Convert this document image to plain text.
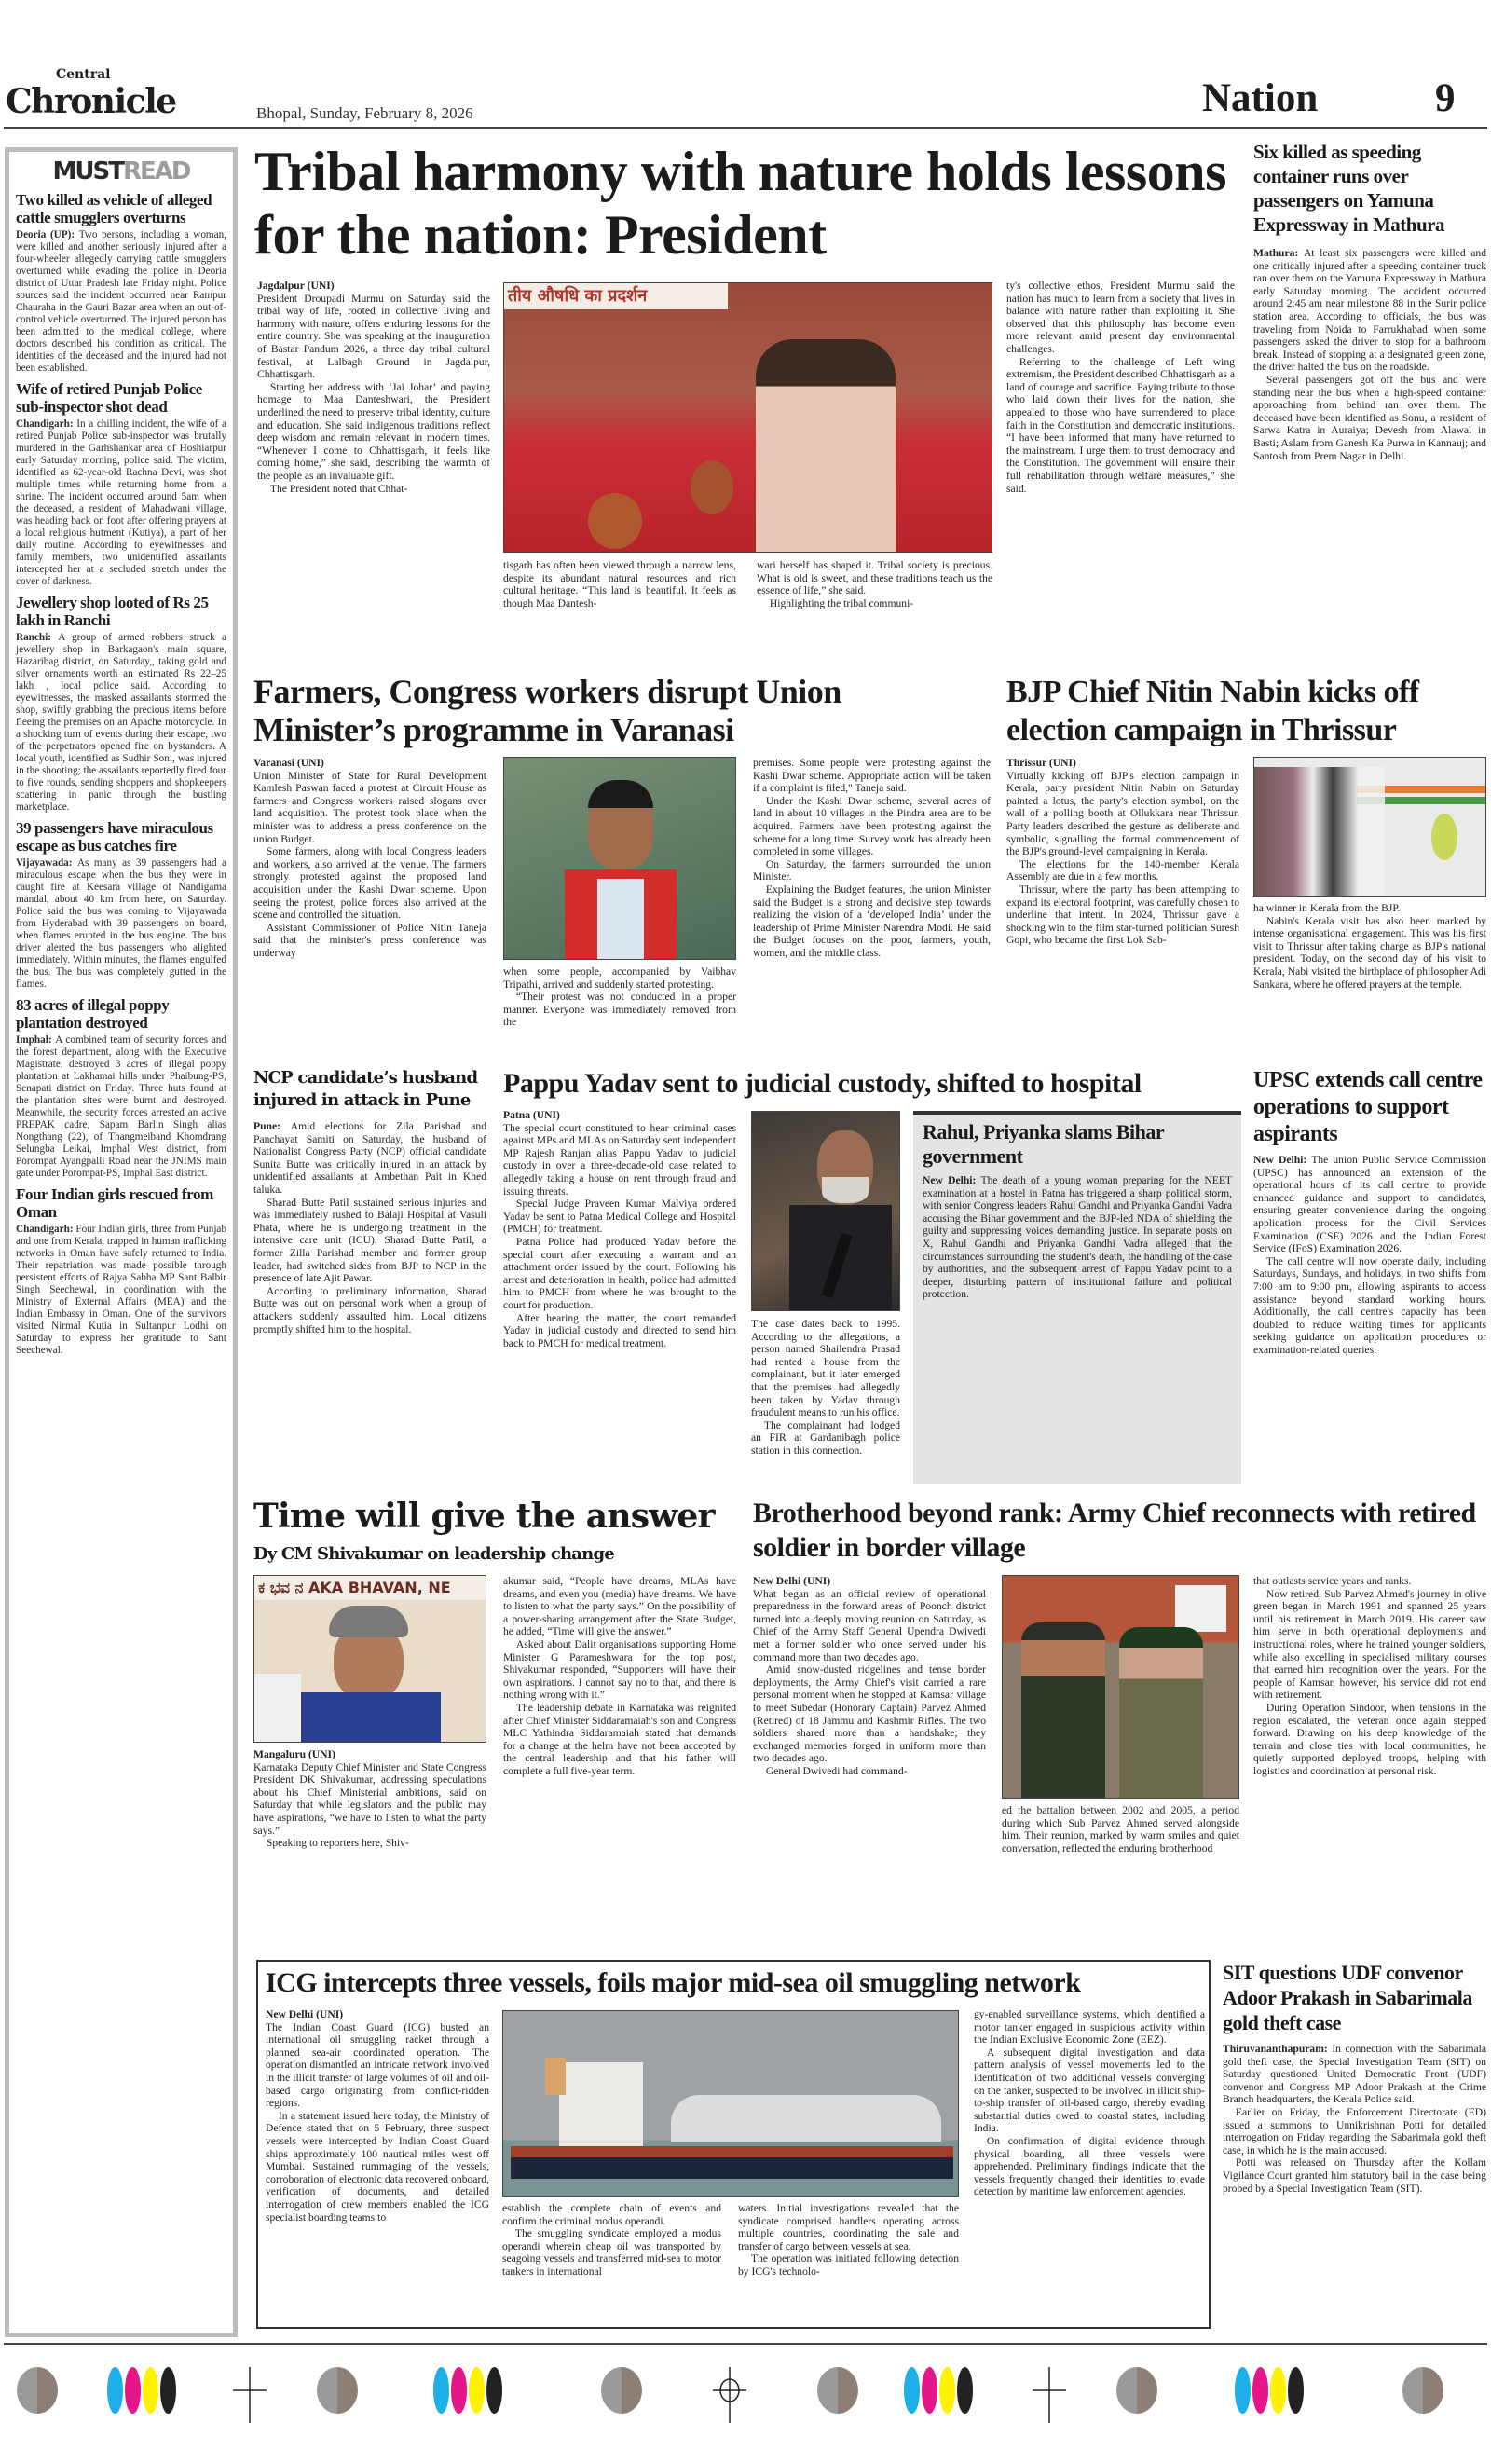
Central
Chronicle	Bhopal, Sunday, February 8, 2026	Nation	9
MUSTREAD
Two killed as vehicle of alleged cattle smugglers overturns
Deoria (UP): Two persons, including a woman, were killed and another seriously injured after a four-wheeler allegedly carrying cattle smugglers overturned while evading the police in Deoria district of Uttar Pradesh late Friday night. Police sources said the incident occurred near Rampur Chauraha in the Gauri Bazar area when an out-of-control vehicle overturned. The injured person has been admitted to the medical college, where doctors described his condition as critical. The identities of the deceased and the injured had not been established.
Wife of retired Punjab Police sub-inspector shot dead
Chandigarh: In a chilling incident, the wife of a retired Punjab Police sub-inspector was brutally murdered in the Garhshankar area of Hoshiarpur early Saturday morning, police said. The victim, identified as 62-year-old Rachna Devi, was shot multiple times while returning home from a shrine. The incident occurred around 5am when the deceased, a resident of Mahadwani village, was heading back on foot after offering prayers at a local religious hutment (Kutiya), a part of her daily routine. According to eyewitnesses and family members, two unidentified assailants intercepted her at a secluded stretch under the cover of darkness.
Jewellery shop looted of Rs 25 lakh in Ranchi
Ranchi: A group of armed robbers struck a jewellery shop in Barkagaon's main square, Hazaribag district, on Saturday,, taking gold and silver ornaments worth an estimated Rs 22–25 lakh , local police said. According to eyewitnesses, the masked assailants stormed the shop, swiftly grabbing the precious items before fleeing the premises on an Apache motorcycle. In a shocking turn of events during their escape, two of the perpetrators opened fire on bystanders. A local youth, identified as Sudhir Soni, was injured in the shooting; the assailants reportedly fired four to five rounds, sending shoppers and shopkeepers scattering in panic through the bustling marketplace.
39 passengers have miraculous escape as bus catches fire
Vijayawada: As many as 39 passengers had a miraculous escape when the bus they were in caught fire at Keesara village of Nandigama mandal, about 40 km from here, on Saturday. Police said the bus was coming to Vijayawada from Hyderabad with 39 passengers on board, when flames erupted in the bus engine. The bus driver alerted the bus passengers who alighted immediately. Within minutes, the flames engulfed the bus. The bus was completely gutted in the flames.
83 acres of illegal poppy plantation destroyed
Imphal: A combined team of security forces and the forest department, along with the Executive Magistrate, destroyed 3 acres of illegal poppy plantation at Lakhamai hills under Phaibung-PS, Senapati district on Friday. Three huts found at the plantation sites were burnt and destroyed. Meanwhile, the security forces arrested an active PREPAK cadre, Sapam Barlin Singh alias Nongthang (22), of Thangmeiband Khomdrang Selungba Leikai, Imphal West district, from Porompat Ayangpalli Road near the JNIMS main gate under Porompat-PS, Imphal East district.
Four Indian girls rescued from Oman
Chandigarh: Four Indian girls, three from Punjab and one from Kerala, trapped in human trafficking networks in Oman have safely returned to India. Their repatriation was made possible through persistent efforts of Rajya Sabha MP Sant Balbir Singh Seechewal, in coordination with the Ministry of External Affairs (MEA) and the Indian Embassy in Oman. One of the survivors visited Nirmal Kutia in Sultanpur Lodhi on Saturday to express her gratitude to Sant Seechewal.
Tribal harmony with nature holds lessons for the nation: President
Jagdalpur (UNI)

President Droupadi Murmu on Saturday said the tribal way of life, rooted in collective living and harmony with nature, offers enduring lessons for the entire country. She was speaking at the inauguration of Bastar Pandum 2026, a three day tribal cultural festival, at Lalbagh Ground in Jagdalpur, Chhattisgarh.

Starting her address with ‘Jai Johar’ and paying homage to Maa Danteshwari, the President underlined the need to preserve tribal identity, culture and education. She said indigenous traditions reflect deep wisdom and remain relevant in modern times. “Whenever I come to Chhattisgarh, it feels like coming home,” she said, describing the warmth of the people as an invaluable gift.

The President noted that Chhat-

तीय औषधि का प्रदर्शन

tisgarh has often been viewed through a narrow lens, despite its abundant natural resources and rich cultural heritage. “This land is beautiful. It feels as though Maa Dantesh-

wari herself has shaped it. Tribal society is precious. What is old is sweet, and these traditions teach us the essence of life,” she said.

Highlighting the tribal communi-

ty's collective ethos, President Murmu said the nation has much to learn from a society that lives in balance with nature rather than exploiting it. She observed that this philosophy has become even more relevant amid present day environmental challenges.

Referring to the challenge of Left wing extremism, the President described Chhattisgarh as a land of courage and sacrifice. Paying tribute to those who laid down their lives for the nation, she appealed to those who have surrendered to place faith in the Constitution and democratic institutions. “I have been informed that many have returned to the mainstream. I urge them to trust democracy and the Constitution. The government will ensure their full rehabilitation through welfare measures,” she said.

Six killed as speeding container runs over passengers on Yamuna Expressway in Mathura

Mathura: At least six passengers were killed and one critically injured after a speeding container truck ran over them on the Yamuna Expressway in Mathura early Saturday morning. The accident occurred around 2:45 am near milestone 88 in the Surir police station area. According to officials, the bus was traveling from Noida to Farrukhabad when some passengers asked the driver to stop for a bathroom break. Instead of stopping at a designated green zone, the driver halted the bus on the roadside.

Several passengers got off the bus and were standing near the bus when a high-speed container approaching from behind ran over them. The deceased have been identified as Sonu, a resident of Sarwa Katra in Auraiya; Devesh from Alawal in Basti; Aslam from Ganesh Ka Purwa in Kannauj; and Santosh from Prem Nagar in Delhi.

Farmers, Congress workers disrupt Union Minister’s programme in Varanasi
Varanasi (UNI)

Union Minister of State for Rural Development Kamlesh Paswan faced a protest at Circuit House as farmers and Congress workers raised slogans over land acquisition. The protest took place when the minister was to address a press conference on the union Budget.

Some farmers, along with local Congress leaders and workers, also arrived at the venue. The farmers strongly protested against the proposed land acquisition under the Kashi Dwar scheme. Upon seeing the protest, police forces also arrived at the scene and controlled the situation.

Assistant Commissioner of Police Nitin Taneja said that the minister's press conference was underway

when some people, accompanied by Vaibhav Tripathi, arrived and suddenly started protesting.

“Their protest was not conducted in a proper manner. Everyone was immediately removed from the

premises. Some people were protesting against the Kashi Dwar scheme. Appropriate action will be taken if a complaint is filed," Taneja said.

Under the Kashi Dwar scheme, several acres of land in about 10 villages in the Pindra area are to be acquired. Farmers have been protesting against the scheme for a long time. Survey work has already been completed in some villages.

On Saturday, the farmers surrounded the union Minister.

Explaining the Budget features, the union Minister said the Budget is a strong and decisive step towards realizing the vision of a ‘developed India’ under the leadership of Prime Minister Narendra Modi. He said the Budget focuses on the poor, farmers, youth, women, and the middle class.

BJP Chief Nitin Nabin kicks off election campaign in Thrissur
Thrissur (UNI)

Virtually kicking off BJP's election campaign in Kerala, party president Nitin Nabin on Saturday painted a lotus, the party's election symbol, on the wall of a polling booth at Ollukkara near Thrissur. Party leaders described the gesture as deliberate and symbolic, signalling the formal commencement of the BJP's ground-level campaigning in Kerala.

The elections for the 140-member Kerala Assembly are due in a few months.

Thrissur, where the party has been attempting to expand its electoral footprint, was carefully chosen to underline that intent. In 2024, Thrissur gave a shocking win to the film star-turned politician Suresh Gopi, who became the first Lok Sab-

ha winner in Kerala from the BJP.

Nabin's Kerala visit has also been marked by intense organisational engagement. This was his first visit to Thrissur after taking charge as BJP's national president. Today, on the second day of his visit to Kerala, Nabi visited the birthplace of philosopher Adi Sankara, where he offered prayers at the temple.

NCP candidate’s husband injured in attack in Pune

Pune: Amid elections for Zila Parishad and Panchayat Samiti on Saturday, the husband of Nationalist Congress Party (NCP) official candidate Sunita Butte was critically injured in an attack by unidentified assailants at Ambethan Pait in Khed taluka.

Sharad Butte Patil sustained serious injuries and was immediately rushed to Balaji Hospital at Vasuli Phata, where he is undergoing treatment in the intensive care unit (ICU). Sharad Butte Patil, a former Zilla Parishad member and former group leader, had switched sides from BJP to NCP in the presence of late Ajit Pawar.

According to preliminary information, Sharad Butte was out on personal work when a group of attackers suddenly assaulted him. Local citizens promptly shifted him to the hospital.

Pappu Yadav sent to judicial custody, shifted to hospital
Patna (UNI)

The special court constituted to hear criminal cases against MPs and MLAs on Saturday sent independent MP Rajesh Ranjan alias Pappu Yadav to judicial custody in over a three-decade-old case related to allegedly taking a house on rent through fraud and issuing threats.

Special Judge Praveen Kumar Malviya ordered Yadav be sent to Patna Medical College and Hospital (PMCH) for treatment.

Patna Police had produced Yadav before the special court after executing a warrant and an attachment order issued by the court. Following his arrest and deterioration in health, police had admitted him to PMCH from where he was brought to the court for production.

After hearing the matter, the court remanded Yadav in judicial custody and directed to send him back to PMCH for medical treatment.

The case dates back to 1995. According to the allegations, a person named Shailendra Prasad had rented a house from the complainant, but it later emerged that the premises had allegedly been taken by Yadav through fraudulent means to run his office.

The complainant had lodged an FIR at Gardanibagh police station in this connection.

Rahul, Priyanka slams Bihar government

New Delhi: The death of a young woman preparing for the NEET examination at a hostel in Patna has triggered a sharp political storm, with senior Congress leaders Rahul Gandhi and Priyanka Gandhi Vadra accusing the Bihar government and the BJP-led NDA of shielding the guilty and suppressing voices demanding justice. In separate posts on X, Rahul Gandhi and Priyanka Gandhi Vadra alleged that the circumstances surrounding the student's death, the handling of the case by authorities, and the subsequent arrest of Pappu Yadav point to a deeper, disturbing pattern of institutional failure and political protection.

UPSC extends call centre operations to support aspirants

New Delhi: The union Public Service Commission (UPSC) has announced an extension of the operational hours of its call centre to provide enhanced guidance and support to candidates, ensuring greater convenience during the ongoing application process for the Civil Services Examination (CSE) 2026 and the Indian Forest Service (IFoS) Examination 2026.

The call centre will now operate daily, including Saturdays, Sundays, and holidays, in two shifts from 7:00 am to 9:00 pm, allowing aspirants to access assistance beyond standard working hours. Additionally, the call centre's capacity has been doubled to reduce waiting times for applicants seeking guidance on application procedures or examination-related queries.

Time will give the answer
Dy CM Shivakumar on leadership change
ಕ ಭವ ನ AKA BHAVAN, NE
Mangaluru (UNI)

Karnataka Deputy Chief Minister and State Congress President DK Shivakumar, addressing speculations about his Chief Ministerial ambitions, said on Saturday that while legislators and the public may have aspirations, “we have to listen to what the party says.”

Speaking to reporters here, Shiv-

akumar said, “People have dreams, MLAs have dreams, and even you (media) have dreams. We have to listen to what the party says.” On the possibility of a power-sharing arrangement after the State Budget, he added, “Time will give the answer.”

Asked about Dalit organisations supporting Home Minister G Parameshwara for the top post, Shivakumar responded, “Supporters will have their own aspirations. I cannot say no to that, and there is nothing wrong with it.”

The leadership debate in Karnataka was reignited after Chief Minister Siddaramaiah's son and Congress MLC Yathindra Siddaramaiah stated that demands for a change at the helm have not been accepted by the central leadership and that his father will complete a full five-year term.

Brotherhood beyond rank: Army Chief reconnects with retired soldier in border village
New Delhi (UNI)

What began as an official review of operational preparedness in the forward areas of Poonch district turned into a deeply moving reunion on Saturday, as Chief of the Army Staff General Upendra Dwivedi met a former soldier who once served under his command more than two decades ago.

Amid snow-dusted ridgelines and tense border deployments, the Army Chief's visit carried a rare personal moment when he stopped at Kamsar village to meet Subedar (Honorary Captain) Parvez Ahmed (Retired) of 18 Jammu and Kashmir Rifles. The two soldiers shared more than a handshake; they exchanged memories forged in uniform more than two decades ago.

General Dwivedi had command-

ed the battalion between 2002 and 2005, a period during which Sub Parvez Ahmed served alongside him. Their reunion, marked by warm smiles and quiet conversation, reflected the enduring brotherhood

that outlasts service years and ranks.

Now retired, Sub Parvez Ahmed's journey in olive green began in March 1991 and spanned 25 years until his retirement in March 2019. His career saw him serve in both operational deployments and instructional roles, where he trained younger soldiers, while also excelling in specialised military courses that earned him recognition over the years. For the people of Kamsar, however, his service did not end with retirement.

During Operation Sindoor, when tensions in the region escalated, the veteran once again stepped forward. Drawing on his deep knowledge of the terrain and close ties with local communities, he quietly supported deployed troops, helping with logistics and coordination at personal risk.

ICG intercepts three vessels, foils major mid-sea oil smuggling network
New Delhi (UNI)

The Indian Coast Guard (ICG) busted an international oil smuggling racket through a planned sea-air coordinated operation. The operation dismantled an intricate network involved in the illicit transfer of large volumes of oil and oil-based cargo originating from conflict-ridden regions.

In a statement issued here today, the Ministry of Defence stated that on 5 February, three suspect vessels were intercepted by Indian Coast Guard ships approximately 100 nautical miles west off Mumbai. Sustained rummaging of the vessels, corroboration of electronic data recovered onboard, verification of documents, and detailed interrogation of crew members enabled the ICG specialist boarding teams to

establish the complete chain of events and confirm the criminal modus operandi.

The smuggling syndicate employed a modus operandi wherein cheap oil was transported by seagoing vessels and transferred mid-sea to motor tankers in international

waters. Initial investigations revealed that the syndicate comprised handlers operating across multiple countries, coordinating the sale and transfer of cargo between vessels at sea.

The operation was initiated following detection by ICG's technolo-

gy-enabled surveillance systems, which identified a motor tanker engaged in suspicious activity within the Indian Exclusive Economic Zone (EEZ).

A subsequent digital investigation and data pattern analysis of vessel movements led to the identification of two additional vessels converging on the tanker, suspected to be involved in illicit ship-to-ship transfer of oil-based cargo, thereby evading substantial duties owed to coastal states, including India.

On confirmation of digital evidence through physical boarding, all three vessels were apprehended. Preliminary findings indicate that the vessels frequently changed their identities to evade detection by maritime law enforcement agencies.

SIT questions UDF convenor Adoor Prakash in Sabarimala gold theft case

Thiruvananthapuram: In connection with the Sabarimala gold theft case, the Special Investigation Team (SIT) on Saturday questioned United Democratic Front (UDF) convenor and Congress MP Adoor Prakash at the Crime Branch headquarters, the Kerala Police said.

Earlier on Friday, the Enforcement Directorate (ED) issued a summons to Unnikrishnan Potti for detailed interrogation on Friday regarding the Sabarimala gold theft case, in which he is the main accused.

Potti was released on Thursday after the Kollam Vigilance Court granted him statutory bail in the case being probed by a Special Investigation Team (SIT).
